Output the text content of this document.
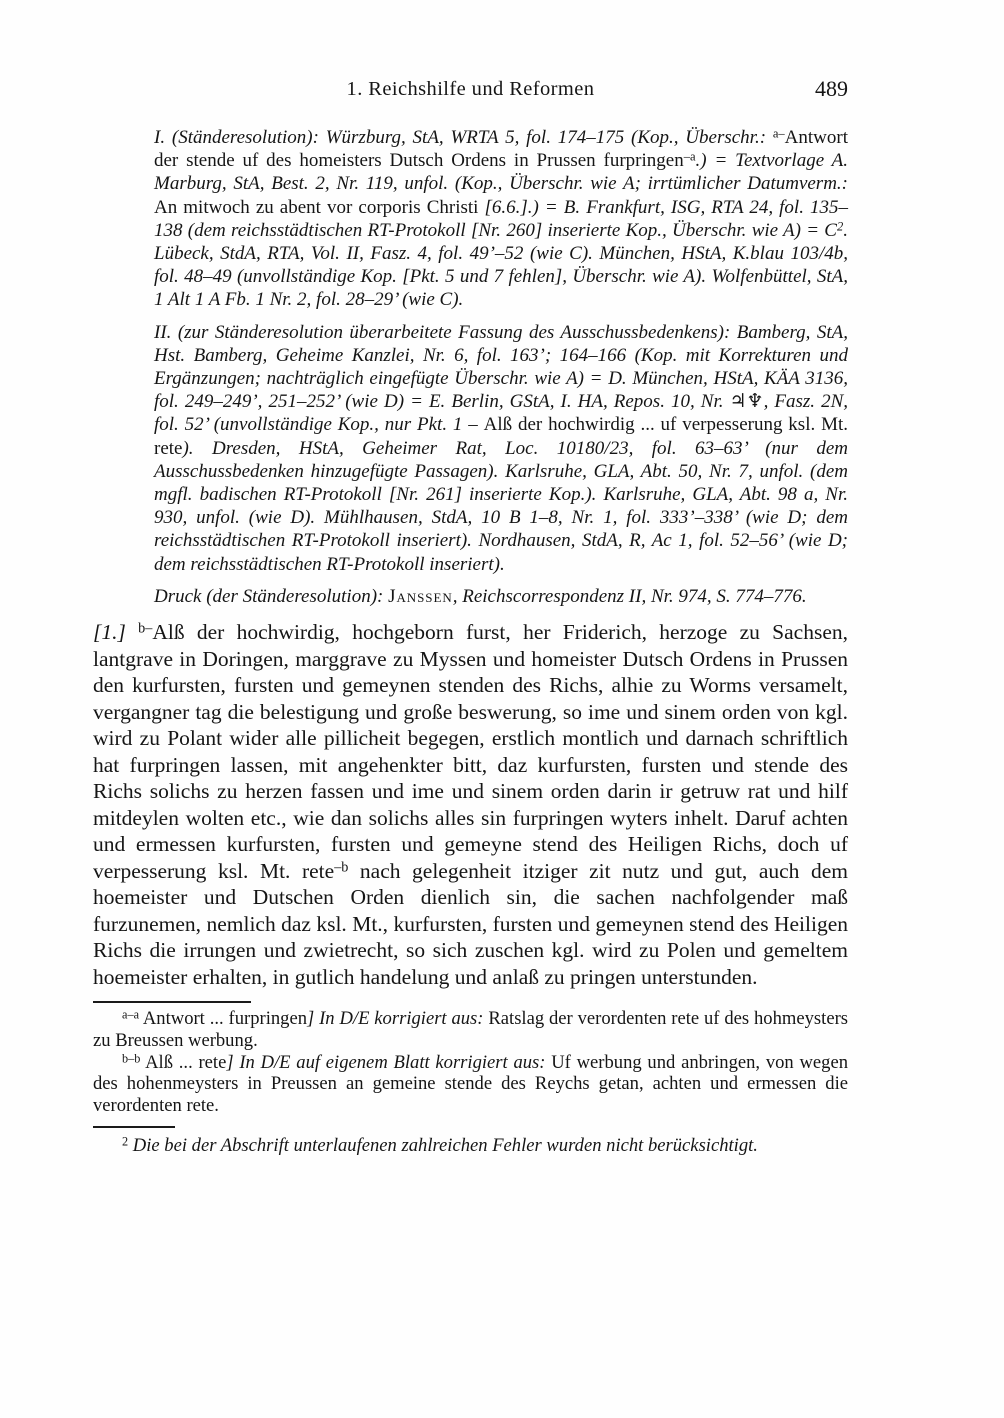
1. Reichshilfe und Reformen	489

I. (Ständeresolution): Würzburg, StA, WRTA 5, fol. 174–175 (Kop., Überschr.: $^{a-}$Antwort der stende uf des homeisters Dutsch Ordens in Prussen furpringen$^{-a}$.) = Textvorlage A. Marburg, StA, Best. 2, Nr. 119, unfol. (Kop., Überschr. wie A; irrtümlicher Datumverm.: An mitwoch zu abent vor corporis Christi [6.6.].) = B. Frankfurt, ISG, RTA 24, fol. 135–138 (dem reichsstädtischen RT-Protokoll [Nr. 260] inserierte Kop., Überschr. wie $A) = C^2$. Lübeck, StdA, RTA, Vol. II, Fasz. 4, fol. 49’–52 (wie C). München, HStA, K.blau 103/4b, fol. 48–49 (unvollständige Kop. [Pkt. 5 und 7 fehlen], Überschr. wie A). Wolfenbüttel, StA, 1 Alt 1 A Fb. 1 Nr. 2, fol. 28–29’ (wie C).

II. (zur Ständeresolution überarbeitete Fassung des Ausschussbedenkens): Bamberg, StA, Hst. Bamberg, Geheime Kanzlei, Nr. 6, fol. 163’; 164–166 (Kop. mit Korrekturen und Ergänzungen; nachträglich eingefügte Überschr. wie A) = D. München, HStA, KÄA 3136, fol. 249–249’, 251–252’ (wie D) = E. Berlin, GStA, I. HA, Repos. 10, Nr. ♃♆, Fasz. 2N, fol. 52’ (unvollständige Kop., nur Pkt. 1 – Alß der hochwirdig ... uf verpesserung ksl. Mt. rete). Dresden, HStA, Geheimer Rat, Loc. 10180/23, fol. 63–63’ (nur dem Ausschussbedenken hinzugefügte Passagen). Karlsruhe, GLA, Abt. 50, Nr. 7, unfol. (dem mgfl. badischen RT-Protokoll [Nr. 261] inserierte Kop.). Karlsruhe, GLA, Abt. 98 a, Nr. 930, unfol. (wie D). Mühlhausen, StdA, 10 B 1–8, Nr. 1, fol. 333’–338’ (wie D; dem reichsstädtischen RT-Protokoll inseriert). Nordhausen, StdA, R, Ac 1, fol. 52–56’ (wie D; dem reichsstädtischen RT-Protokoll inseriert).

Druck (der Ständeresolution): Janssen, Reichscorrespondenz II, Nr. 974, S. 774–776.

[1.] $^{b-}$Alß der hochwirdig, hochgeborn furst, her Friderich, herzoge zu Sachsen, lantgrave in Doringen, marggrave zu Myssen und homeister Dutsch Ordens in Prussen den kurfursten, fursten und gemeynen stenden des Richs, alhie zu Worms versamelt, vergangner tag die belestigung und große beswerung, so ime und sinem orden von kgl. wird zu Polant wider alle pillicheit begegen, erstlich montlich und darnach schriftlich hat furpringen lassen, mit angehenkter bitt, daz kurfursten, fursten und stende des Richs solichs zu herzen fassen und ime und sinem orden darin ir getruw rat und hilf mitdeylen wolten etc., wie dan solichs alles sin furpringen wyters inhelt. Daruf achten und ermessen kurfursten, fursten und gemeyne stend des Heiligen Richs, doch uf verpesserung ksl. Mt. rete$^{-b}$ nach gelegenheit itziger zit nutz und gut, auch dem hoemeister und Dutschen Orden dienlich sin, die sachen nachfolgender maß furzunemen, nemlich daz ksl. Mt., kurfursten, fursten und gemeynen stend des Heiligen Richs die irrungen und zwietrecht, so sich zuschen kgl. wird zu Polen und gemeltem hoemeister erhalten, in gutlich handelung und anlaß zu pringen unterstunden.

$^{a-a}$ Antwort ... furpringen] In D/E korrigiert aus: Ratslag der verordenten rete uf des hohmeysters zu Breussen werbung.

$^{b-b}$ Alß ... rete] In D/E auf eigenem Blatt korrigiert aus: Uf werbung und anbringen, von wegen des hohenmeysters in Preussen an gemeine stende des Reychs getan, achten und ermessen die verordenten rete.

$^2$ Die bei der Abschrift unterlaufenen zahlreichen Fehler wurden nicht berücksichtigt.
